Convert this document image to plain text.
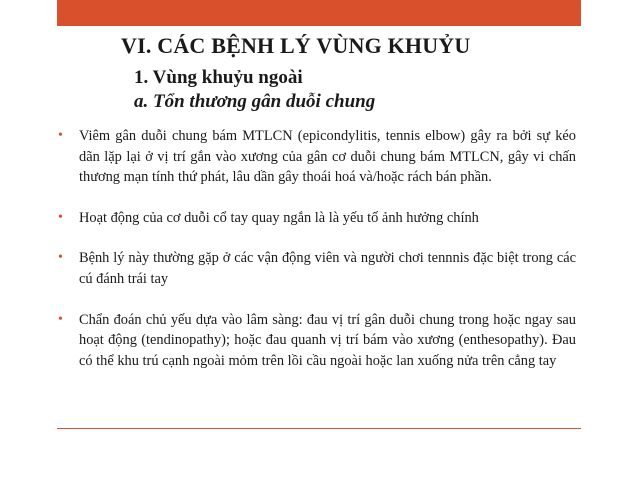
VI. CÁC BỆNH LÝ VÙNG KHUỶU
1. Vùng khuỷu ngoài
a. Tổn thương gân duỗi chung
• Viêm gân duỗi chung bám MTLCN (epicondylitis, tennis elbow) gây ra bởi sự kéo dãn lặp lại ở vị trí gắn vào xương của gân cơ duỗi chung bám MTLCN, gây vi chấn thương mạn tính thứ phát, lâu dần gây thoái hoá và/hoặc rách bán phần.
• Hoạt động của cơ duỗi cổ tay quay ngắn là là yếu tố ảnh hưởng chính
• Bệnh lý này thường gặp ở các vận động viên và người chơi tennnis đặc biệt trong các cú đánh trái tay
• Chẩn đoán chủ yếu dựa vào lâm sàng: đau vị trí gân duỗi chung trong hoặc ngay sau hoạt động (tendinopathy); hoặc đau quanh vị trí bám vào xương (enthesopathy). Đau có thể khu trú cạnh ngoài mỏm trên lồi cầu ngoài hoặc lan xuống nửa trên cẳng tay
